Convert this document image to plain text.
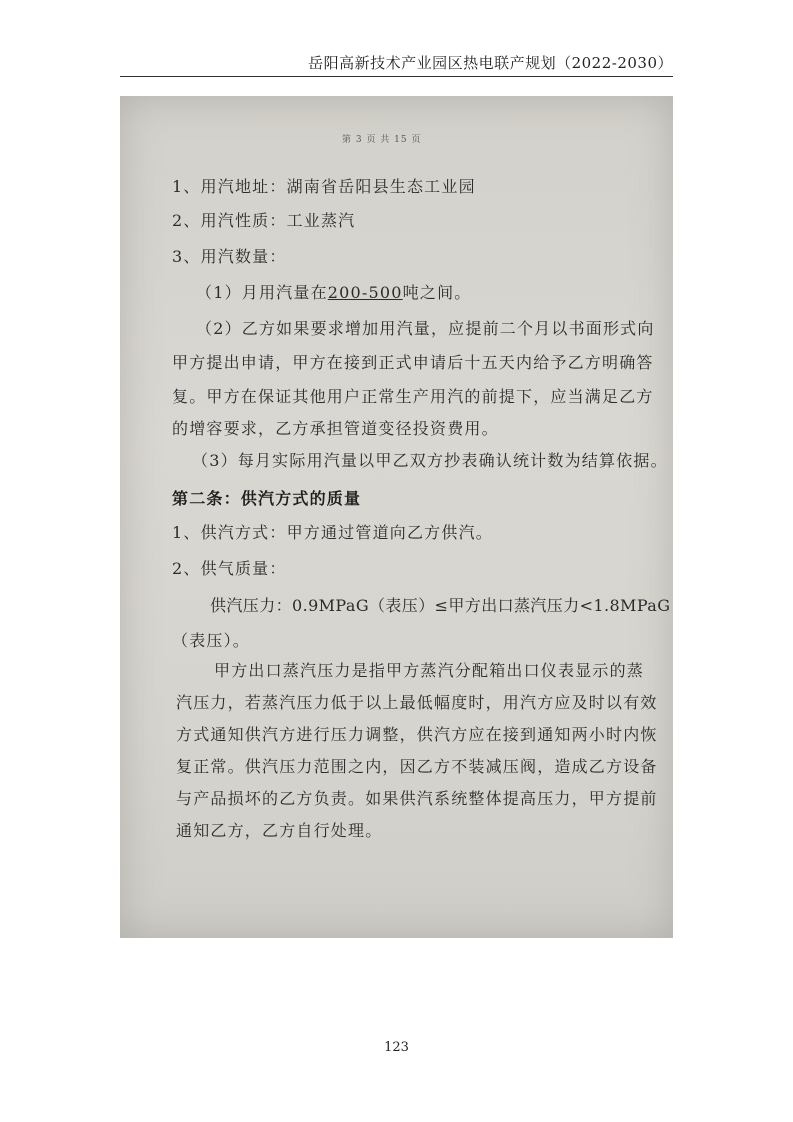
岳阳高新技术产业园区热电联产规划（2022-2030）
第 3 页 共 15 页
1、用汽地址：湖南省岳阳县生态工业园
2、用汽性质：工业蒸汽
3、用汽数量：
（1）月用汽量在200-500吨之间。
（2）乙方如果要求增加用汽量，应提前二个月以书面形式向
甲方提出申请，甲方在接到正式申请后十五天内给予乙方明确答
复。甲方在保证其他用户正常生产用汽的前提下，应当满足乙方
的增容要求，乙方承担管道变径投资费用。
（3）每月实际用汽量以甲乙双方抄表确认统计数为结算依据。
第二条：供汽方式的质量
1、供汽方式：甲方通过管道向乙方供汽。
2、供气质量：
供汽压力：0.9MPaG（表压）≤甲方出口蒸汽压力<1.8MPaG
（表压）。
甲方出口蒸汽压力是指甲方蒸汽分配箱出口仪表显示的蒸
汽压力，若蒸汽压力低于以上最低幅度时，用汽方应及时以有效
方式通知供汽方进行压力调整，供汽方应在接到通知两小时内恢
复正常。供汽压力范围之内，因乙方不装减压阀，造成乙方设备
与产品损坏的乙方负责。如果供汽系统整体提高压力，甲方提前
通知乙方，乙方自行处理。
123
